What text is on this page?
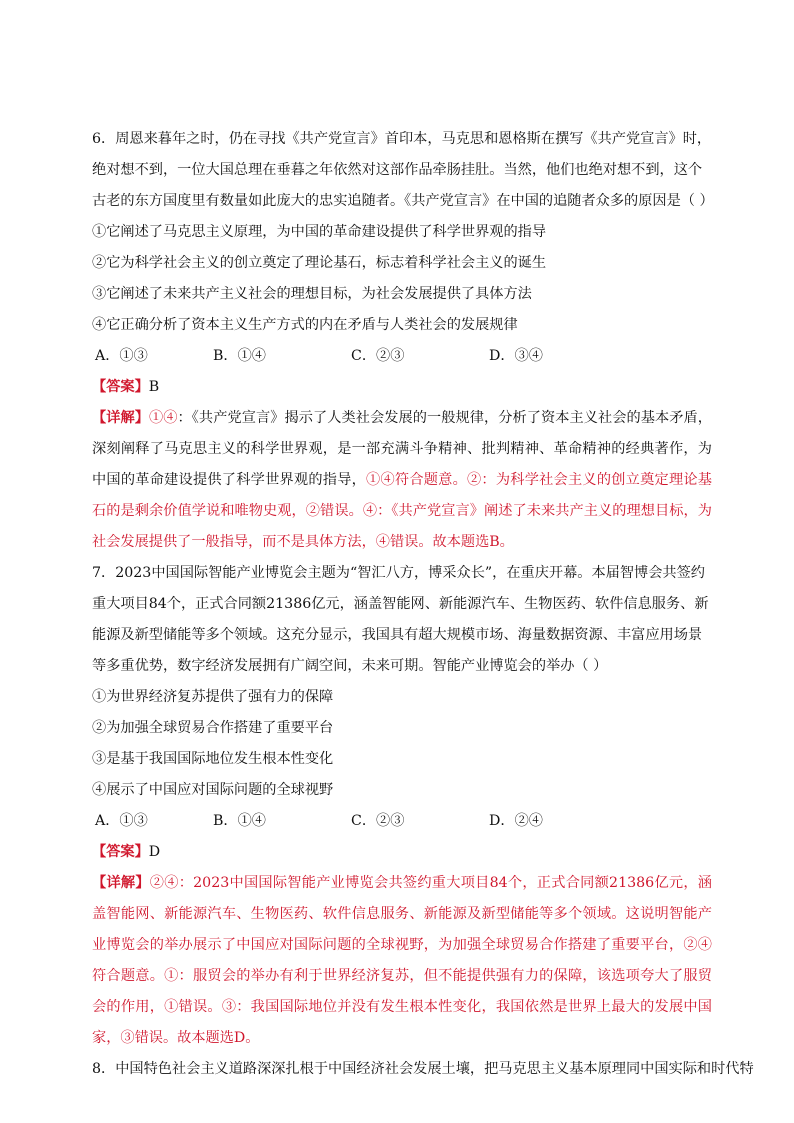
6．周恩来暮年之时，仍在寻找《共产党宣言》首印本，马克思和恩格斯在撰写《共产党宣言》时，绝对想不到，一位大国总理在垂暮之年依然对这部作品牵肠挂肚。当然，他们也绝对想不到，这个古老的东方国度里有数量如此庞大的忠实追随者。《共产党宣言》在中国的追随者众多的原因是（ ）

①它阐述了马克思主义原理，为中国的革命建设提供了科学世界观的指导
②它为科学社会主义的创立奠定了理论基石，标志着科学社会主义的诞生
③它阐述了未来共产主义社会的理想目标，为社会发展提供了具体方法
④它正确分析了资本主义生产方式的内在矛盾与人类社会的发展规律
A．①③	B．①④	C．②③	D．③④
【答案】B

【详解】①④：《共产党宣言》揭示了人类社会发展的一般规律，分析了资本主义社会的基本矛盾，深刻阐释了马克思主义的科学世界观，是一部充满斗争精神、批判精神、革命精神的经典著作，为中国的革命建设提供了科学世界观的指导，①④符合题意。②：为科学社会主义的创立奠定理论基石的是剩余价值学说和唯物史观，②错误。④：《共产党宣言》阐述了未来共产主义的理想目标，为社会发展提供了一般指导，而不是具体方法，④错误。故本题选B。

7．2023中国国际智能产业博览会主题为“智汇八方，博采众长”，在重庆开幕。本届智博会共签约重大项目84个，正式合同额21386亿元，涵盖智能网、新能源汽车、生物医药、软件信息服务、新能源及新型储能等多个领域。这充分显示，我国具有超大规模市场、海量数据资源、丰富应用场景等多重优势，数字经济发展拥有广阔空间，未来可期。智能产业博览会的举办（ ）

①为世界经济复苏提供了强有力的保障
②为加强全球贸易合作搭建了重要平台
③是基于我国国际地位发生根本性变化
④展示了中国应对国际问题的全球视野
A．①③	B．①④	C．②③	D．②④
【答案】D

【详解】②④：2023中国国际智能产业博览会共签约重大项目84个，正式合同额21386亿元，涵盖智能网、新能源汽车、生物医药、软件信息服务、新能源及新型储能等多个领域。这说明智能产业博览会的举办展示了中国应对国际问题的全球视野，为加强全球贸易合作搭建了重要平台，②④符合题意。①：服贸会的举办有利于世界经济复苏，但不能提供强有力的保障，该选项夸大了服贸会的作用，①错误。③：我国国际地位并没有发生根本性变化，我国依然是世界上最大的发展中国家，③错误。故本题选D。

8．中国特色社会主义道路深深扎根于中国经济社会发展土壤，把马克思主义基本原理同中国实际和时代特
